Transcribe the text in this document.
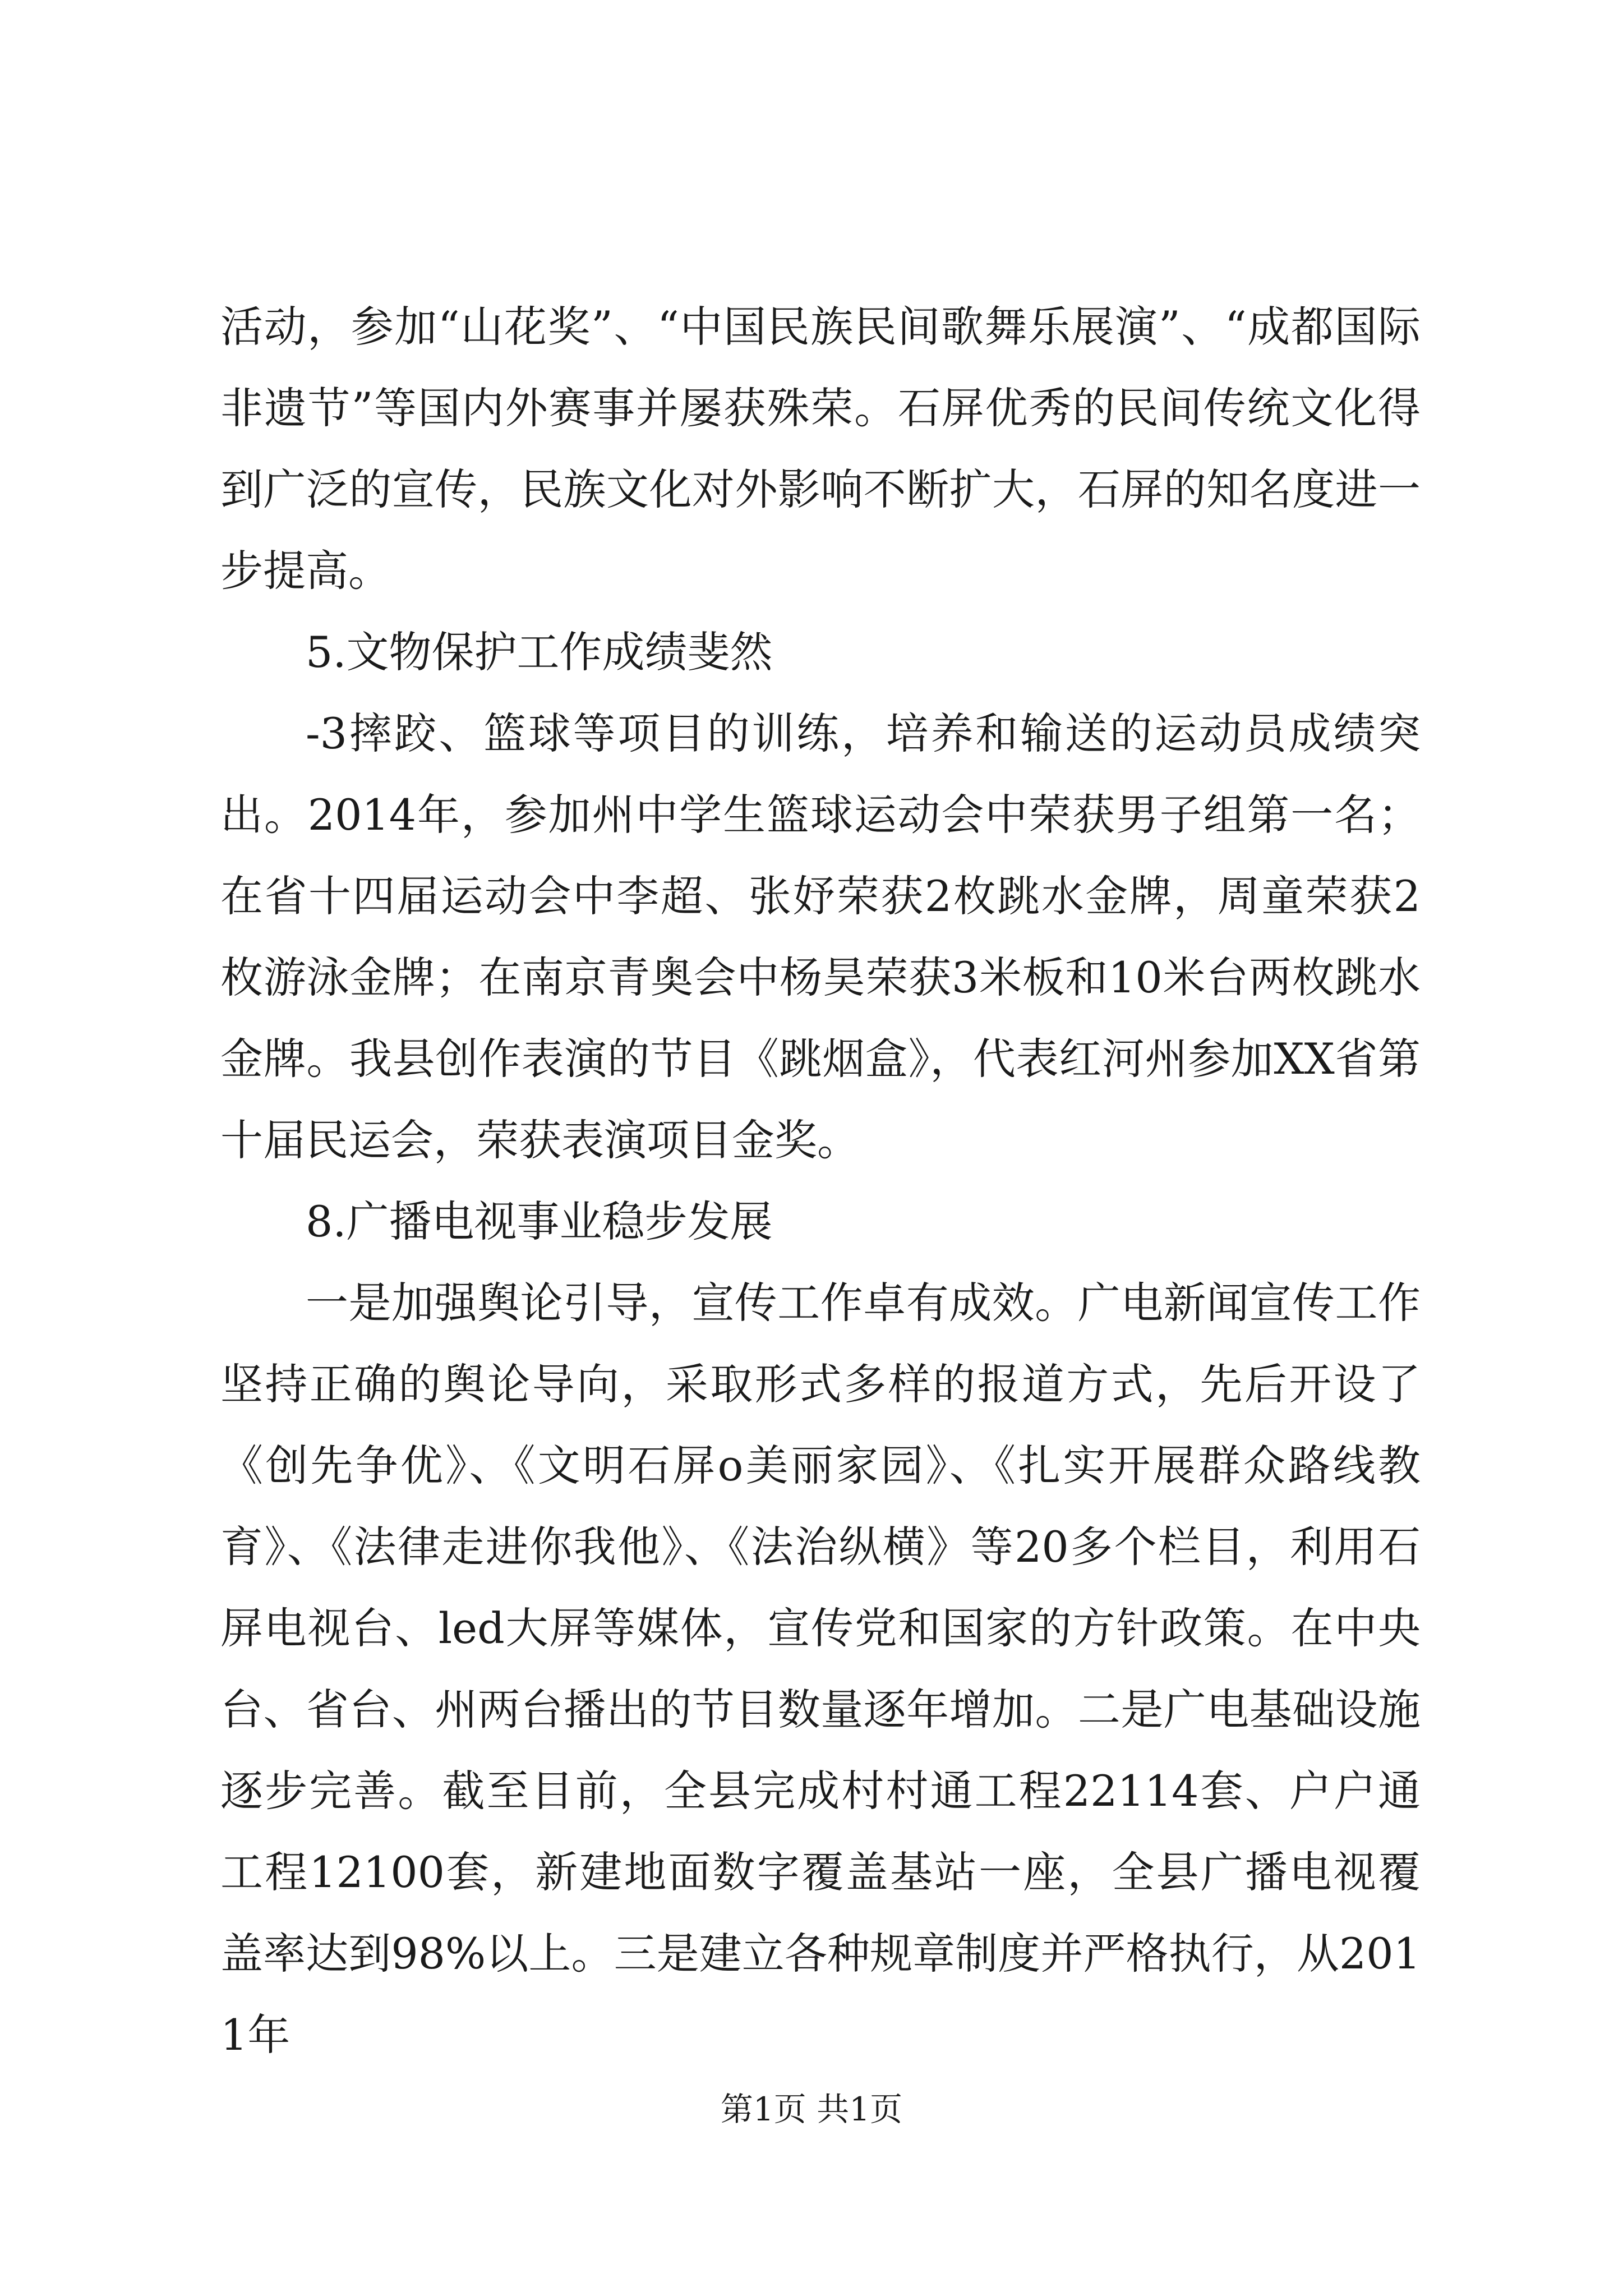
活动，参加“山花奖”、“中国民族民间歌舞乐展演”、“成都国际非遗节”等国内外赛事并屡获殊荣。石屏优秀的民间传统文化得到广泛的宣传，民族文化对外影响不断扩大，石屏的知名度进一步提高。

5.文物保护工作成绩斐然

-3摔跤、篮球等项目的训练，培养和输送的运动员成绩突出。2014年，参加州中学生篮球运动会中荣获男子组第一名；在省十四届运动会中李超、张妤荣获2枚跳水金牌，周童荣获2枚游泳金牌；在南京青奥会中杨昊荣获3米板和10米台两枚跳水金牌。我县创作表演的节目《跳烟盒》，代表红河州参加XX省第十届民运会，荣获表演项目金奖。

8.广播电视事业稳步发展

一是加强舆论引导，宣传工作卓有成效。广电新闻宣传工作坚持正确的舆论导向，采取形式多样的报道方式，先后开设了《创先争优》、《文明石屏o美丽家园》、《扎实开展群众路线教育》、《法律走进你我他》、《法治纵横》等20多个栏目，利用石屏电视台、led大屏等媒体，宣传党和国家的方针政策。在中央台、省台、州两台播出的节目数量逐年增加。二是广电基础设施逐步完善。截至目前，全县完成村村通工程22114套、户户通工程12100套，新建地面数字覆盖基站一座，全县广播电视覆盖率达到98%以上。三是建立各种规章制度并严格执行，从2011年

第1页 共1页
